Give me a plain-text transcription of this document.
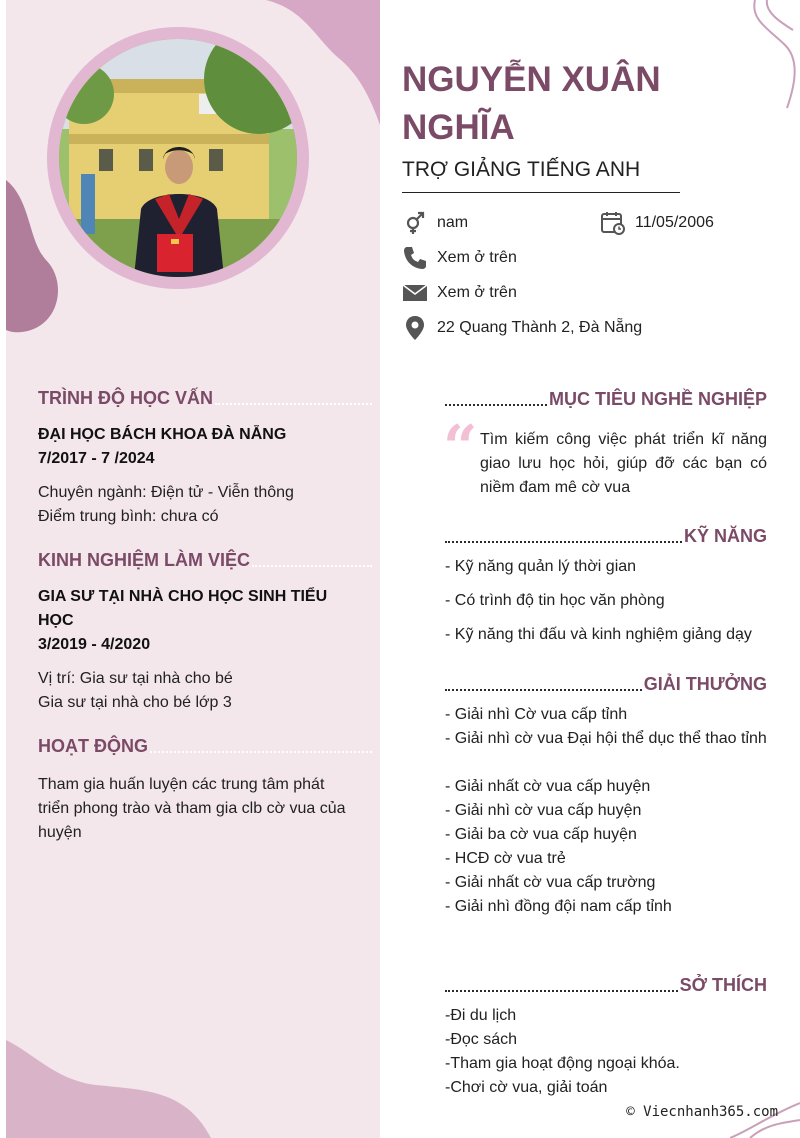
TRÌNH ĐỘ HỌC VẤN
ĐẠI HỌC BÁCH KHOA ĐÀ NẴNG
7/2017 - 7 /2024
Chuyên ngành: Điện tử - Viễn thông
Điểm trung bình: chưa có
KINH NGHIỆM LÀM VIỆC
GIA SƯ TẠI NHÀ CHO HỌC SINH TIỂU HỌC
3/2019 - 4/2020
Vị trí: Gia sư tại nhà cho bé
Gia sư tại nhà cho bé lớp 3
HOẠT ĐỘNG
Tham gia huấn luyện các trung tâm phát triển phong trào và tham gia clb cờ vua của huyện
NGUYỄN XUÂN NGHĨA
TRỢ GIẢNG TIẾNG ANH
nam	11/05/2006
Xem ở trên
Xem ở trên
22 Quang Thành 2, Đà Nẵng
MỤC TIÊU NGHỀ NGHIỆP
“ Tìm kiếm công việc phát triển kĩ năng giao lưu học hỏi, giúp đỡ các bạn có niềm đam mê cờ vua
KỸ NĂNG
- Kỹ năng quản lý thời gian
- Có trình độ tin học văn phòng
- Kỹ năng thi đấu và kinh nghiệm giảng dạy
GIẢI THƯỞNG
- Giải nhì Cờ vua cấp tỉnh
- Giải nhì cờ vua Đại hội thể dục thể thao tỉnh
- Giải nhất cờ vua cấp huyện
- Giải nhì cờ vua cấp huyện
- Giải ba cờ vua cấp huyện
- HCĐ cờ vua trẻ
- Giải nhất cờ vua cấp trường
- Giải nhì đồng đội nam cấp tỉnh
SỞ THÍCH
-Đi du lịch
-Đọc sách
-Tham gia hoạt động ngoại khóa.
-Chơi cờ vua, giải toán
© Viecnhanh365.com
